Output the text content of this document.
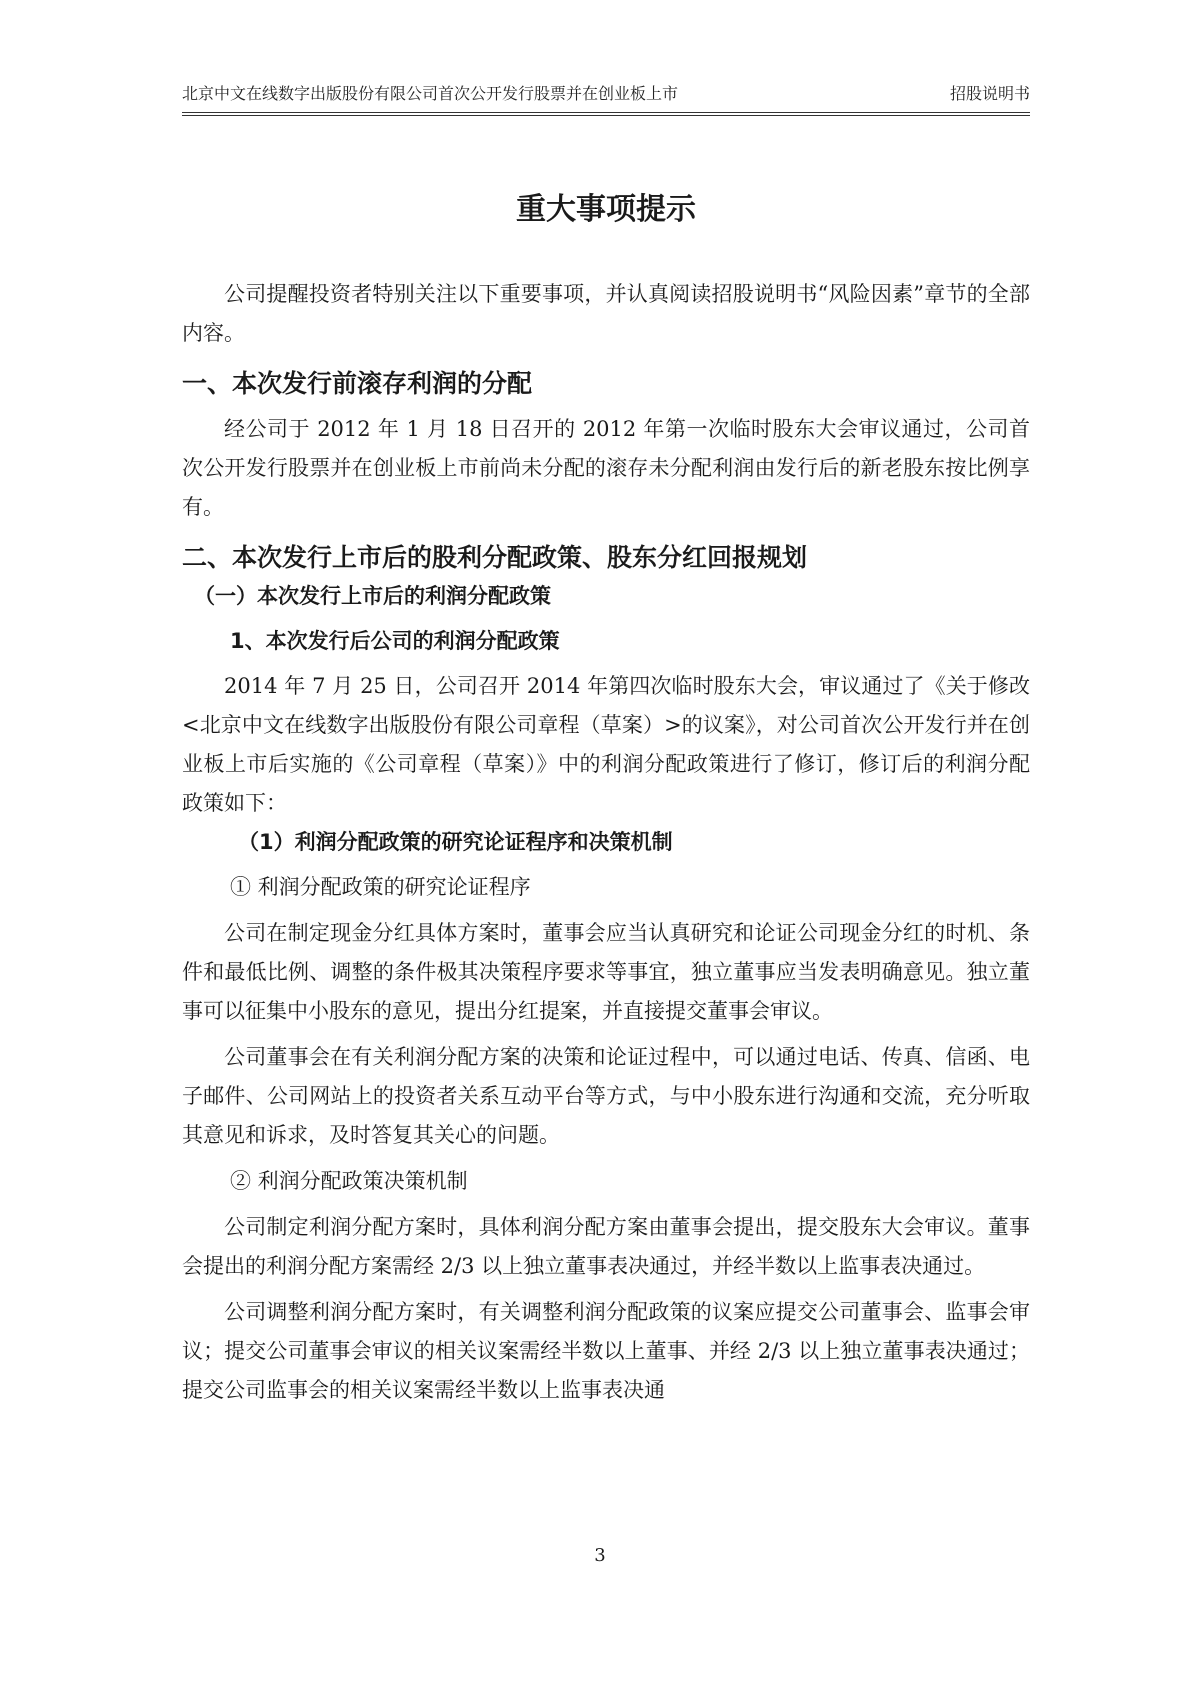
北京中文在线数字出版股份有限公司首次公开发行股票并在创业板上市	招股说明书
重大事项提示

公司提醒投资者特别关注以下重要事项，并认真阅读招股说明书“风险因素”章节的全部内容。

一、本次发行前滚存利润的分配

经公司于 2012 年 1 月 18 日召开的 2012 年第一次临时股东大会审议通过，公司首次公开发行股票并在创业板上市前尚未分配的滚存未分配利润由发行后的新老股东按比例享有。

二、本次发行上市后的股利分配政策、股东分红回报规划
（一）本次发行上市后的利润分配政策
1、本次发行后公司的利润分配政策

2014 年 7 月 25 日，公司召开 2014 年第四次临时股东大会，审议通过了《关于修改<北京中文在线数字出版股份有限公司章程（草案）>的议案》，对公司首次公开发行并在创业板上市后实施的《公司章程（草案）》中的利润分配政策进行了修订，修订后的利润分配政策如下：

（1）利润分配政策的研究论证程序和决策机制
① 利润分配政策的研究论证程序

公司在制定现金分红具体方案时，董事会应当认真研究和论证公司现金分红的时机、条件和最低比例、调整的条件极其决策程序要求等事宜，独立董事应当发表明确意见。独立董事可以征集中小股东的意见，提出分红提案，并直接提交董事会审议。

公司董事会在有关利润分配方案的决策和论证过程中，可以通过电话、传真、信函、电子邮件、公司网站上的投资者关系互动平台等方式，与中小股东进行沟通和交流，充分听取其意见和诉求，及时答复其关心的问题。

② 利润分配政策决策机制

公司制定利润分配方案时，具体利润分配方案由董事会提出，提交股东大会审议。董事会提出的利润分配方案需经 2/3 以上独立董事表决通过，并经半数以上监事表决通过。

公司调整利润分配方案时，有关调整利润分配政策的议案应提交公司董事会、监事会审议；提交公司董事会审议的相关议案需经半数以上董事、并经 2/3 以上独立董事表决通过；提交公司监事会的相关议案需经半数以上监事表决通

3
